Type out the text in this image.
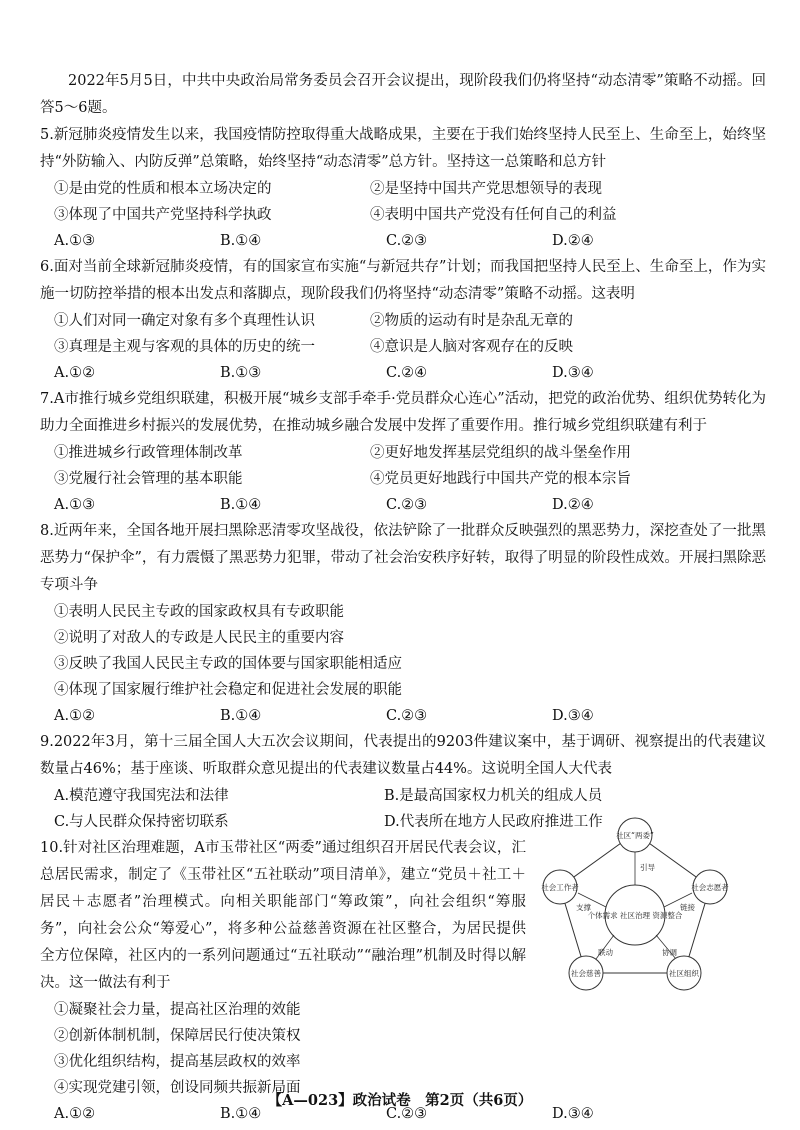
2022年5月5日，中共中央政治局常务委员会召开会议提出，现阶段我们仍将坚持“动态清零”策略不动摇。回答5～6题。

5.新冠肺炎疫情发生以来，我国疫情防控取得重大战略成果，主要在于我们始终坚持人民至上、生命至上，始终坚持“外防输入、内防反弹”总策略，始终坚持“动态清零”总方针。坚持这一总策略和总方针

①是由党的性质和根本立场决定的	②是坚持中国共产党思想领导的表现
③体现了中国共产党坚持科学执政	④表明中国共产党没有任何自己的利益
A.①③	B.①④	C.②③	D.②④

6.面对当前全球新冠肺炎疫情，有的国家宣布实施“与新冠共存”计划；而我国把坚持人民至上、生命至上，作为实施一切防控举措的根本出发点和落脚点，现阶段我们仍将坚持“动态清零”策略不动摇。这表明

①人们对同一确定对象有多个真理性认识	②物质的运动有时是杂乱无章的
③真理是主观与客观的具体的历史的统一	④意识是人脑对客观存在的反映
A.①②	B.①③	C.②④	D.③④

7.A市推行城乡党组织联建，积极开展“城乡支部手牵手·党员群众心连心”活动，把党的政治优势、组织优势转化为助力全面推进乡村振兴的发展优势，在推动城乡融合发展中发挥了重要作用。推行城乡党组织联建有利于

①推进城乡行政管理体制改革	②更好地发挥基层党组织的战斗堡垒作用
③党履行社会管理的基本职能	④党员更好地践行中国共产党的根本宗旨
A.①③	B.①④	C.②③	D.②④

8.近两年来，全国各地开展扫黑除恶清零攻坚战役，依法铲除了一批群众反映强烈的黑恶势力，深挖查处了一批黑恶势力“保护伞”，有力震慑了黑恶势力犯罪，带动了社会治安秩序好转，取得了明显的阶段性成效。开展扫黑除恶专项斗争

①表明人民民主专政的国家政权具有专政职能
②说明了对敌人的专政是人民民主的重要内容
③反映了我国人民民主专政的国体要与国家职能相适应
④体现了国家履行维护社会稳定和促进社会发展的职能
A.①②	B.①④	C.②③	D.③④

9.2022年3月，第十三届全国人大五次会议期间，代表提出的9203件建议案中，基于调研、视察提出的代表建议数量占46%；基于座谈、听取群众意见提出的代表建议数量占44%。这说明全国人大代表

A.模范遵守我国宪法和法律	B.是最高国家权力机关的组成人员
C.与人民群众保持密切联系	D.代表所在地方人民政府推进工作

10.针对社区治理难题，A市玉带社区“两委”通过组织召开居民代表会议，汇总居民需求，制定了《玉带社区“五社联动”项目清单》，建立“党员＋社工＋居民＋志愿者”治理模式。向相关职能部门“筹政策”，向社会组织“筹服务”，向社会公众“筹爱心”，将多种公益慈善资源在社区整合，为居民提供全方位保障，社区内的一系列问题通过“五社联动”“融治理”机制及时得以解决。这一做法有利于

①凝聚社会力量，提高社区治理的效能
②创新体制机制，保障居民行使决策权
③优化组织结构，提高基层政权的效率
④实现党建引领，创设同频共振新局面
A.①②	B.①④	C.②③	D.③④
社区“两委”
社会志愿者
社区组织
社会慈善
社会工作者
个体需求 社区治理 资源整合
引导
链接
协调
联动
支撑
【A—023】政治试卷　第2页（共6页）
